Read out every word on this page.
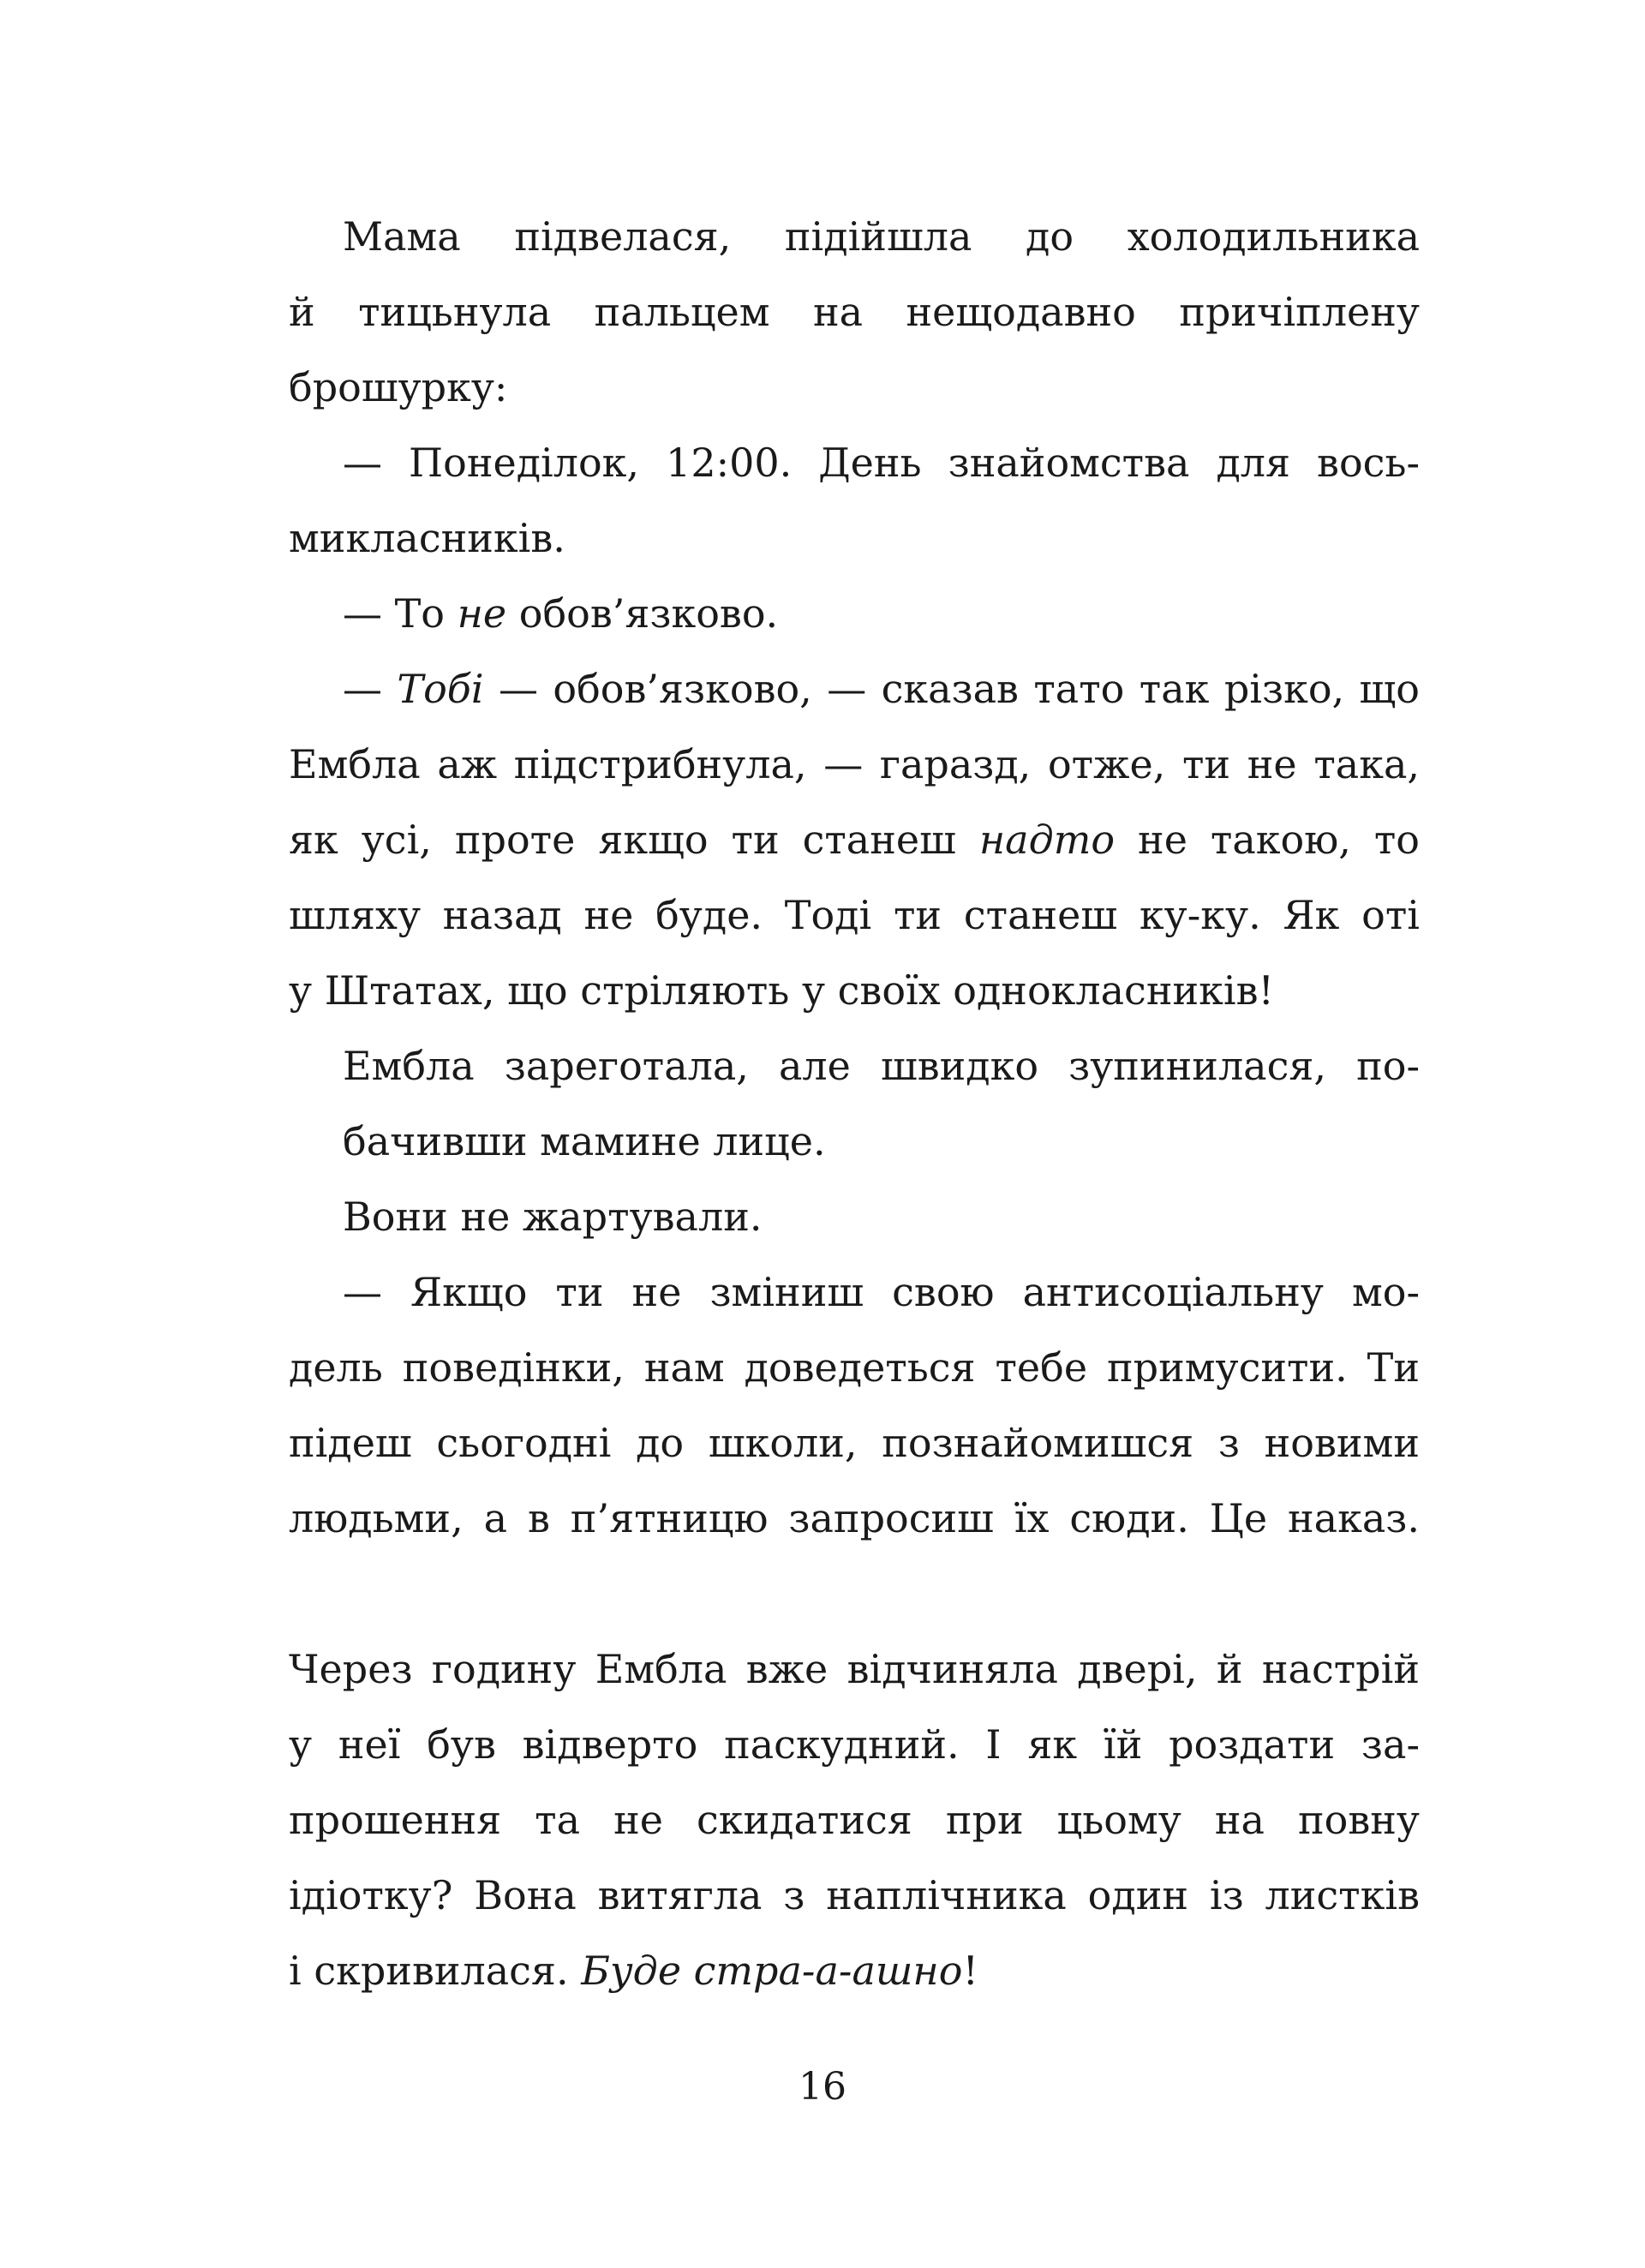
Мама підвелася, підійшла до холодильника
й тицьнула пальцем на нещодавно причіплену
брошурку:
— Понеділок, 12:00. День знайомства для вось-
микласників.
— То не обов’язково.
— Тобі — обов’язково, — сказав тато так різко, що
Ембла аж підстрибнула, — гаразд, отже, ти не така,
як усі, проте якщо ти станеш надто не такою, то
шляху назад не буде. Тоді ти станеш ку-ку. Як оті
у Штатах, що стріляють у своїх однокласників!
Ембла зареготала, але швидко зупинилася, по-
бачивши мамине лице.
Вони не жартували.
— Якщо ти не зміниш свою антисоціальну мо-
дель поведінки, нам доведеться тебе примусити. Ти
підеш сьогодні до школи, познайомишся з новими
людьми, а в п’ятницю запросиш їх сюди. Це наказ.
Через годину Ембла вже відчиняла двері, й настрій
у неї був відверто паскудний. І як їй роздати за-
прошення та не скидатися при цьому на повну
ідіотку? Вона витягла з наплічника один із листків
і скривилася. Буде стра-а-ашно!
16
